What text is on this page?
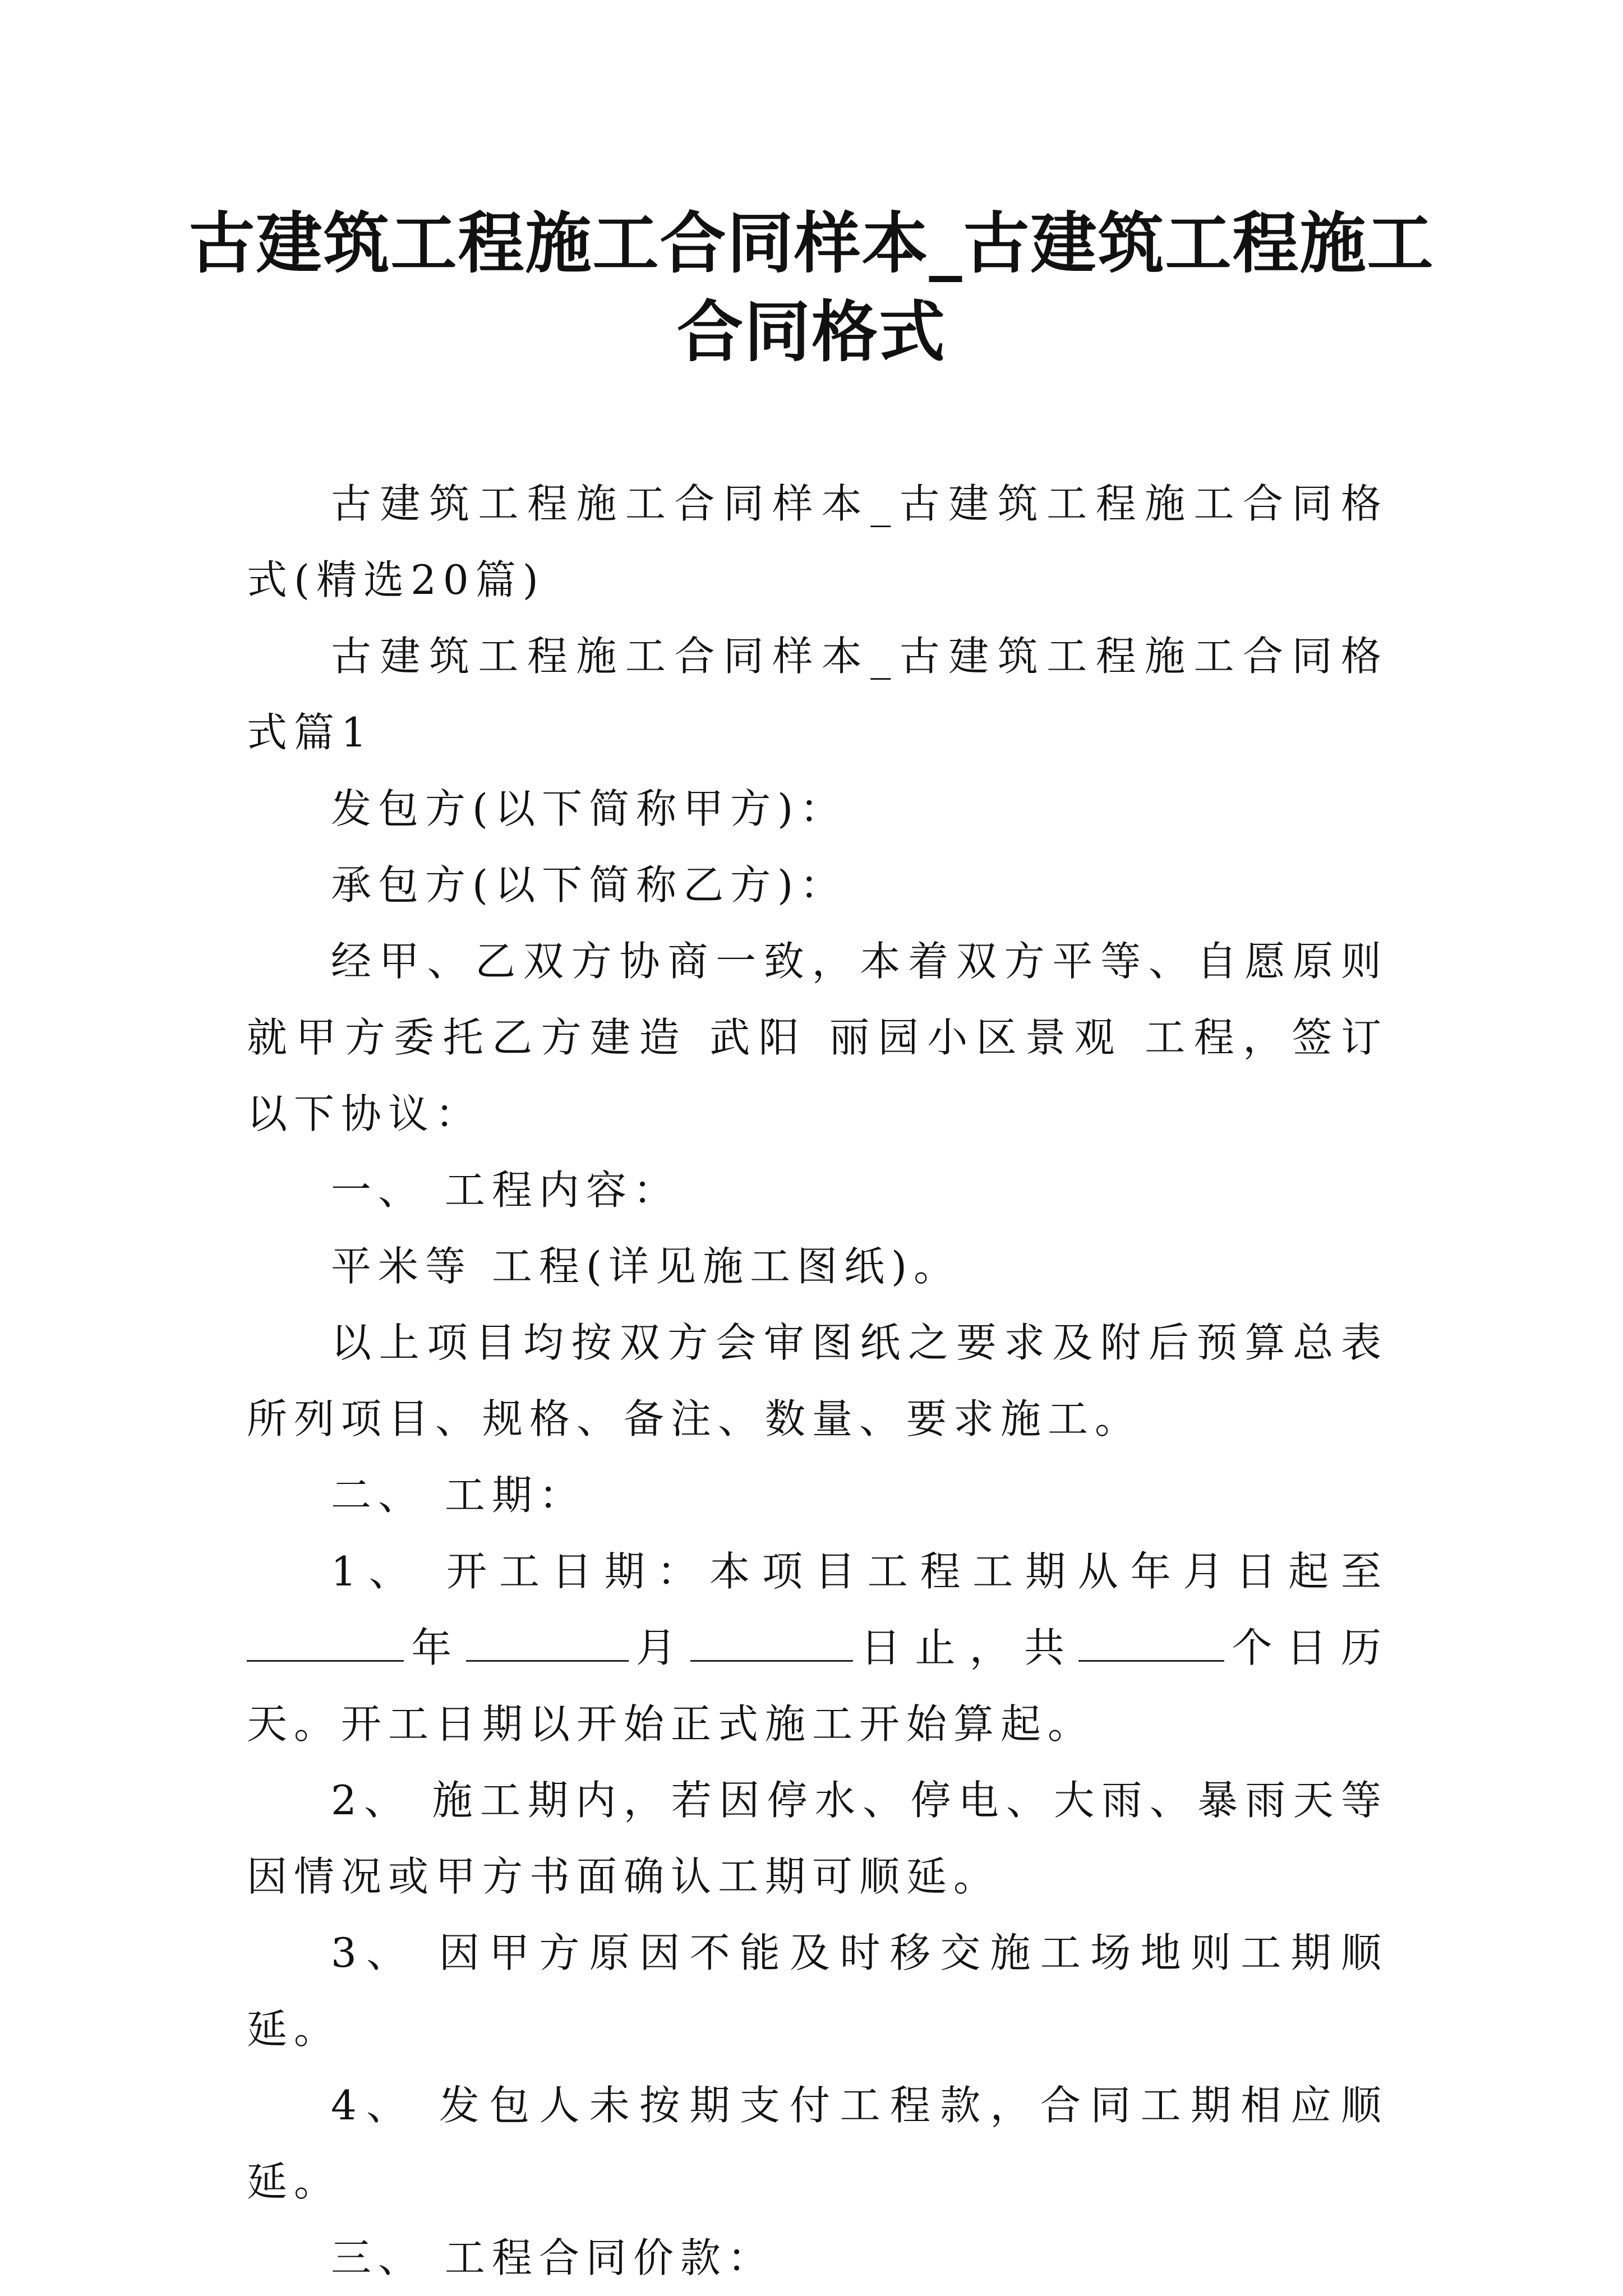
古建筑工程施工合同样本_古建筑工程施工
合同格式

古建筑工程施工合同样本_古建筑工程施工合同格式(精选20篇)

古建筑工程施工合同样本_古建筑工程施工合同格式篇1

发包方(以下简称甲方)：

承包方(以下简称乙方)：

经甲、乙双方协商一致，本着双方平等、自愿原则就甲方委托乙方建造 武阳 丽园小区景观 工程，签订以下协议：

一、 工程内容：

平米等 工程(详见施工图纸)。

以上项目均按双方会审图纸之要求及附后预算总表所列项目、规格、备注、数量、要求施工。

二、 工期：

1、 开工日期：本项目工程工期从年月日起至年	月	日止，共	个日历天。开工日期以开始正式施工开始算起。

2、 施工期内，若因停水、停电、大雨、暴雨天等因情况或甲方书面确认工期可顺延。

3、 因甲方原因不能及时移交施工场地则工期顺延。

4、 发包人未按期支付工程款，合同工期相应顺延。

三、 工程合同价款：
